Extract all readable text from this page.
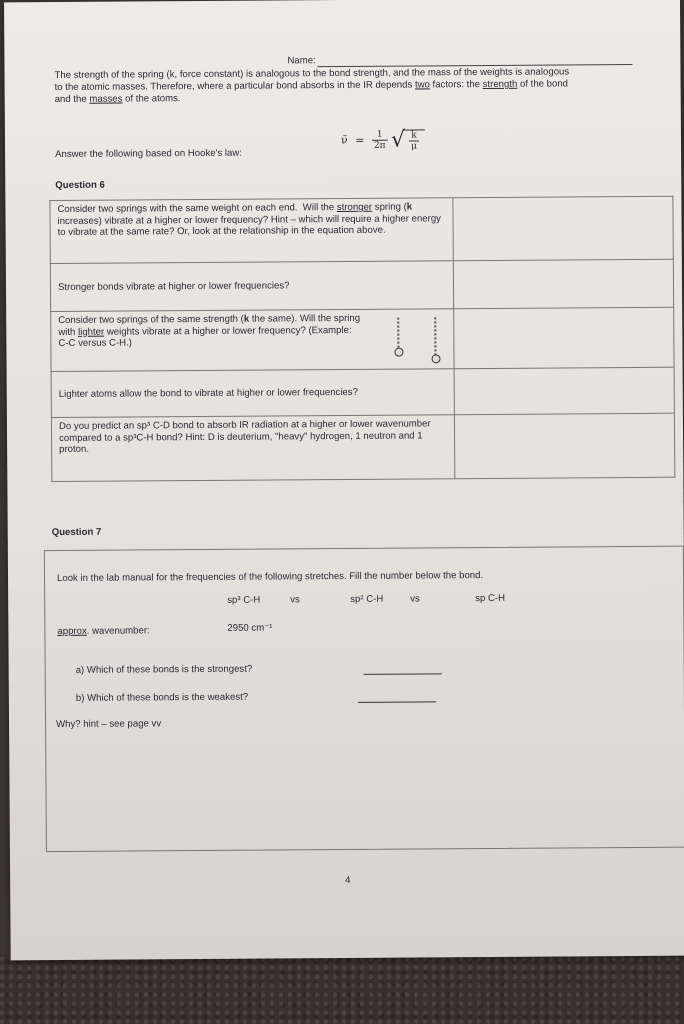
Name:
The strength of the spring (k, force constant) is analogous to the bond strength, and the mass of the weights is analogous
to the atomic masses. Therefore, where a particular bond absorbs in the IR depends two factors: the strength of the bond
and the masses of the atoms.
Answer the following based on Hooke's law:
ν̄ = $\frac{1}{2\pi}$ √
$\frac{k}{\mu}$
Question 6
Consider two springs with the same weight on each end.  Will the stronger spring (k increases) vibrate at a higher or lower frequency? Hint – which will require a higher energy to vibrate at the same rate? Or, look at the relationship in the equation above.	
Stronger bonds vibrate at higher or lower frequencies?	
Consider two springs of the same strength (k the same). Will the spring with lighter weights vibrate at a higher or lower frequency? (Example: C-C versus C-H.)

Lighter atoms allow the bond to vibrate at higher or lower frequencies?	
Do you predict an sp³ C-D bond to absorb IR radiation at a higher or lower wavenumber compared to a sp³C-H bond? Hint: D is deuterium, "heavy" hydrogen, 1 neutron and 1 proton.	
Question 7
Look in the lab manual for the frequencies of the following stretches. Fill the number below the bond.
sp³ C-H	vs	sp² C-H	vs	sp C-H
approx. wavenumber:	2950 cm⁻¹
a) Which of these bonds is the strongest?
b) Which of these bonds is the weakest?
Why? hint – see page vv
4
